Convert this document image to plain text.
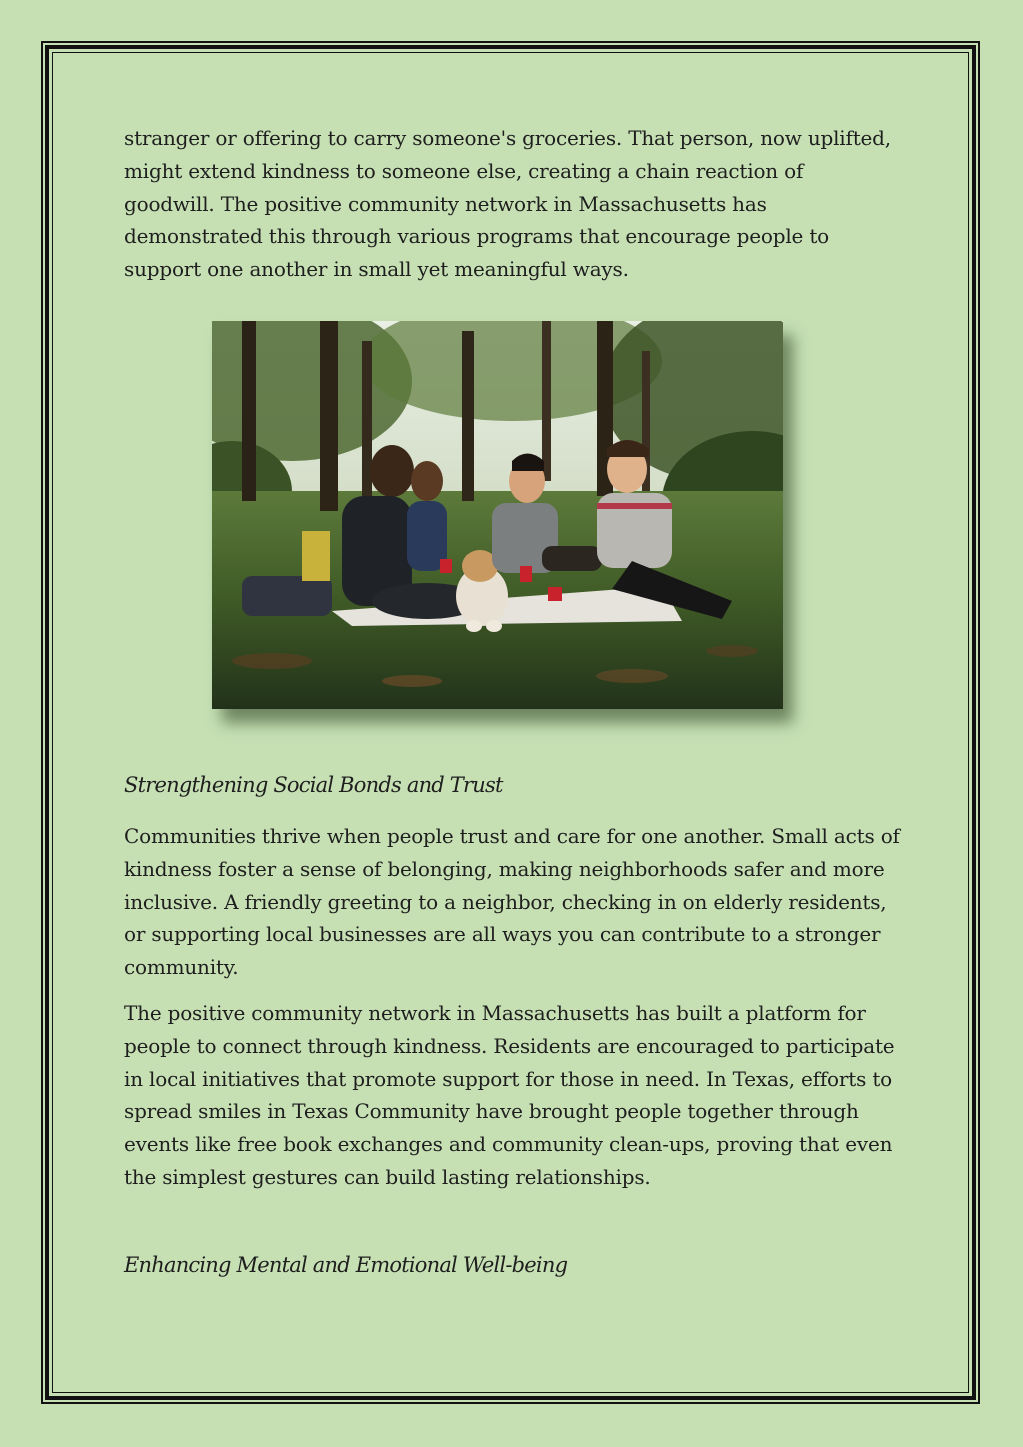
stranger or offering to carry someone's groceries. That person, now uplifted, might extend kindness to someone else, creating a chain reaction of goodwill. The positive community network in Massachusetts has demonstrated this through various programs that encourage people to support one another in small yet meaningful ways.

Strengthening Social Bonds and Trust

Communities thrive when people trust and care for one another. Small acts of kindness foster a sense of belonging, making neighborhoods safer and more inclusive. A friendly greeting to a neighbor, checking in on elderly residents, or supporting local businesses are all ways you can contribute to a stronger community.

The positive community network in Massachusetts has built a platform for people to connect through kindness. Residents are encouraged to participate in local initiatives that promote support for those in need. In Texas, efforts to spread smiles in Texas Community have brought people together through events like free book exchanges and community clean-ups, proving that even the simplest gestures can build lasting relationships.

Enhancing Mental and Emotional Well-being
